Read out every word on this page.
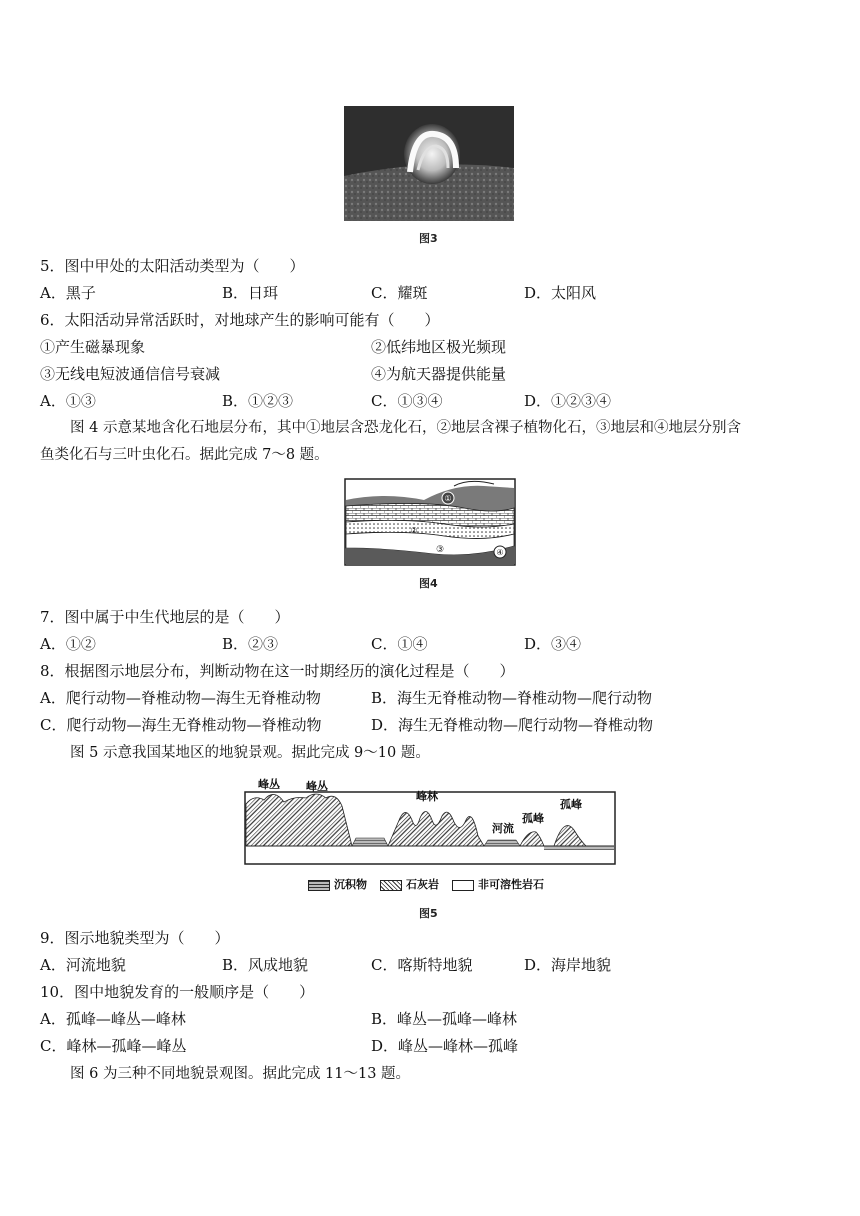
图3
5．图中甲处的太阳活动类型为（　　）
A．黑子	B．日珥	C．耀斑	D．太阳风
6．太阳活动异常活跃时，对地球产生的影响可能有（　　）
①产生磁暴现象	②低纬地区极光频现
③无线电短波通信信号衰减	④为航天器提供能量
A．①③	B．①②③	C．①③④	D．①②③④
图 4 示意某地含化石地层分布，其中①地层含恐龙化石，②地层含裸子植物化石，③地层和④地层分别含
鱼类化石与三叶虫化石。据此完成 7～8 题。
①
②
③	④
图4
7．图中属于中生代地层的是（　　）
A．①②	B．②③	C．①④	D．③④
8．根据图示地层分布，判断动物在这一时期经历的演化过程是（　　）
A．爬行动物—脊椎动物—海生无脊椎动物	B．海生无脊椎动物—脊椎动物—爬行动物
C．爬行动物—海生无脊椎动物—脊椎动物	D．海生无脊椎动物—爬行动物—脊椎动物
图 5 示意我国某地区的地貌景观。据此完成 9～10 题。
峰丛 峰丛
峰林
河流
孤峰
孤峰
沉积物	石灰岩	非可溶性岩石
图5
9．图示地貌类型为（　　）
A．河流地貌	B．风成地貌	C．喀斯特地貌	D．海岸地貌
10．图中地貌发育的一般顺序是（　　）
A．孤峰—峰丛—峰林	B．峰丛—孤峰—峰林
C．峰林—孤峰—峰丛	D．峰丛—峰林—孤峰
图 6 为三种不同地貌景观图。据此完成 11～13 题。
